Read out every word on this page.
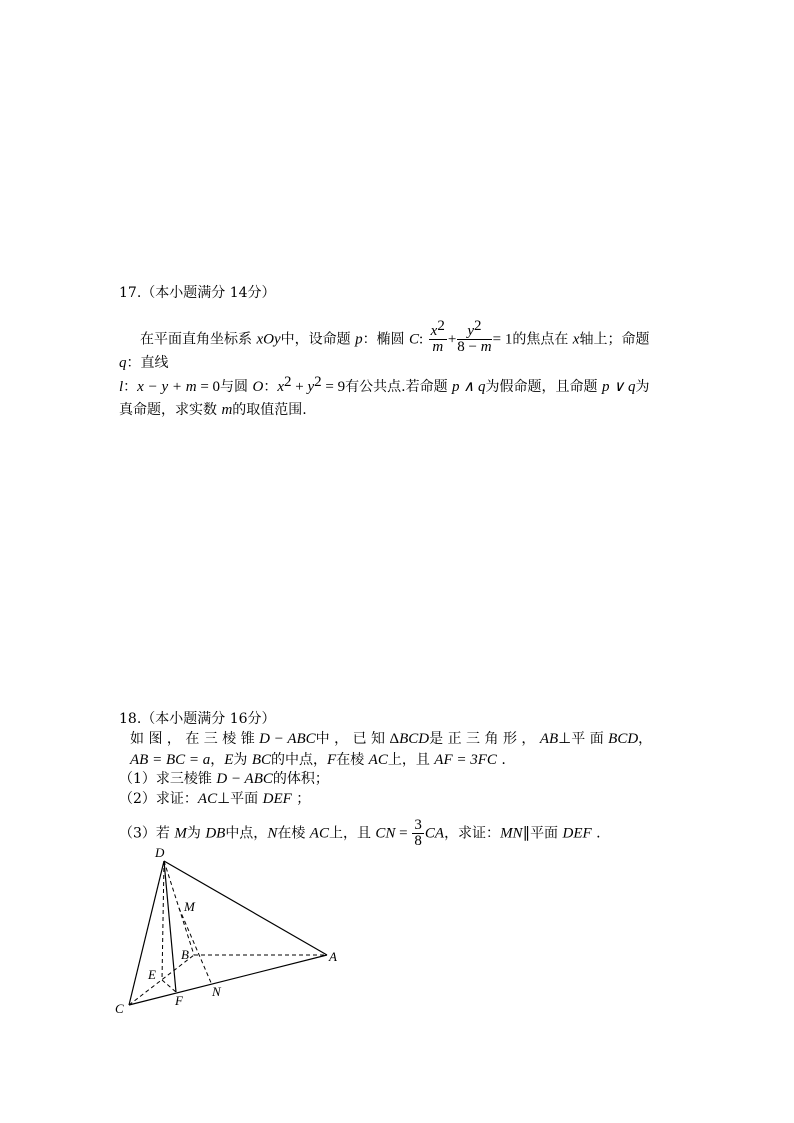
17.（本小题满分 14分）
在平面直角坐标系 xOy中，设命题 p：椭圆 C: $\frac{x^2}{m} + \frac{y^2}{8 - m} = 1$的焦点在 x轴上；命题
q：直线
l：x − y + m = 0与圆 O：$x^2 + y^2 = 9$有公共点.若命题 p ∧ q为假命题，且命题 p ∨ q为
真命题，求实数 m的取值范围.
18.（本小题满分 16分）
如 图 ， 在 三 棱 锥 D − ABC中 ， 已 知 ΔBCD是 正 三 角 形 ， AB⊥平 面 BCD，
AB = BC = a，E为 BC的中点，F在棱 AC上，且 AF = 3FC .
（1）求三棱锥 D − ABC的体积；
（2）求证：AC⊥平面 DEF ；
（3）若 M为 DB中点，N在棱 AC上，且 CN = $\frac{3}{8}$ CA，求证：MN∥平面 DEF .
D
M
B	A
E
C
F
N
